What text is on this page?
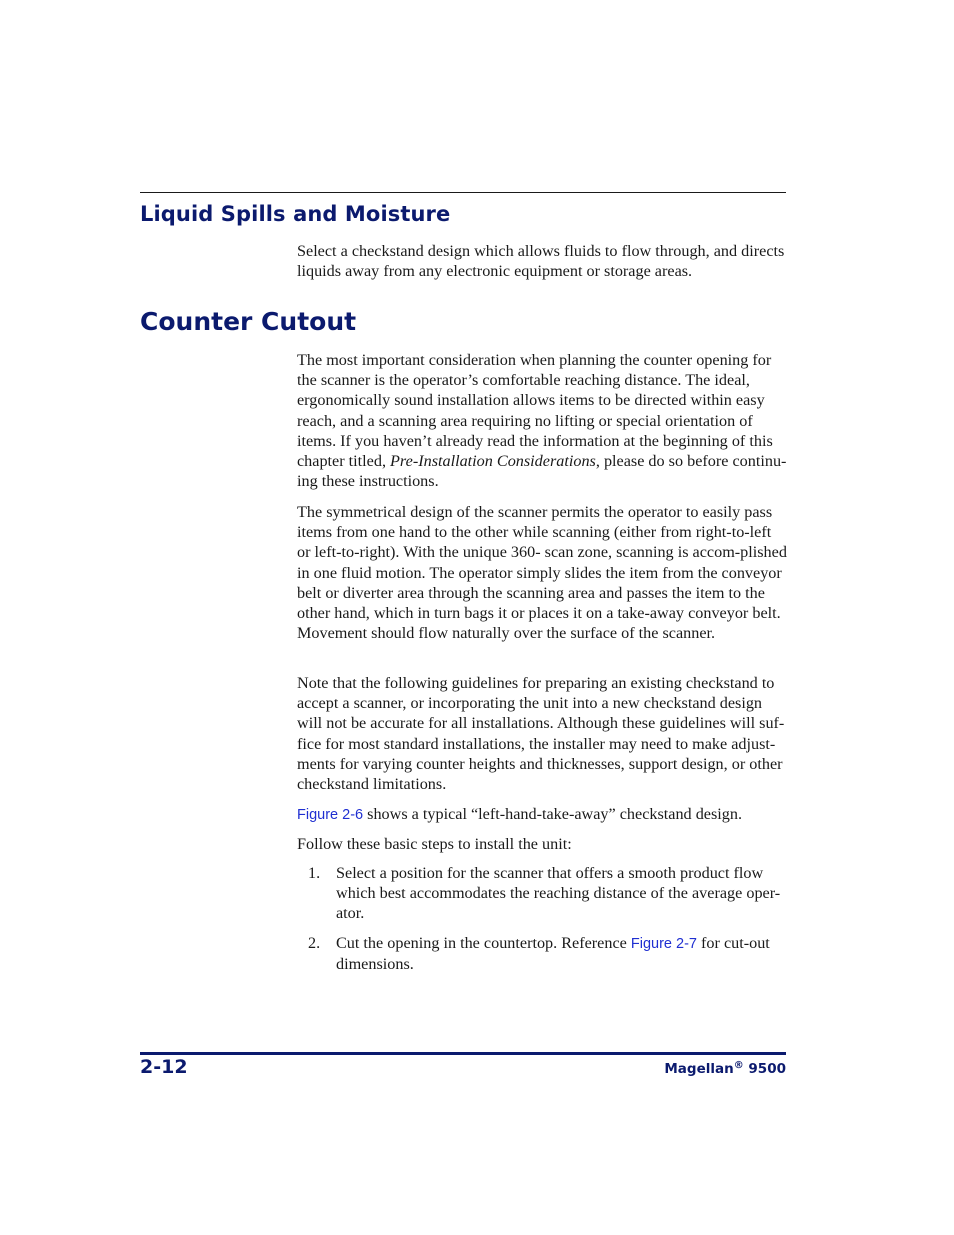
Liquid Spills and Moisture

Select a checkstand design which allows fluids to flow through, and directs liquids away from any electronic equipment or storage areas.

Counter Cutout

The most important consideration when planning the counter opening for the scanner is the operator’s comfortable reaching distance. The ideal, ergonomically sound installation allows items to be directed within easy reach, and a scanning area requiring no lifting or special orientation of items. If you haven’t already read the information at the beginning of this chapter titled, Pre-Installation Considerations, please do so before continu-ing these instructions.

The symmetrical design of the scanner permits the operator to easily pass items from one hand to the other while scanning (either from right-to-left or left-to-right). With the unique 360- scan zone, scanning is accom-plished in one fluid motion. The operator simply slides the item from the conveyor belt or diverter area through the scanning area and passes the item to the other hand, which in turn bags it or places it on a take-away conveyor belt. Movement should flow naturally over the surface of the scanner.

Note that the following guidelines for preparing an existing checkstand to accept a scanner, or incorporating the unit into a new checkstand design will not be accurate for all installations. Although these guidelines will suf-fice for most standard installations, the installer may need to make adjust-ments for varying counter heights and thicknesses, support design, or other checkstand limitations.

Figure 2-6 shows a typical “left-hand-take-away” checkstand design.

Follow these basic steps to install the unit:

1. Select a position for the scanner that offers a smooth product flow which best accommodates the reaching distance of the average oper-ator.
2. Cut the opening in the countertop. Reference Figure 2-7 for cut-out dimensions.
2-12	Magellan® 9500
